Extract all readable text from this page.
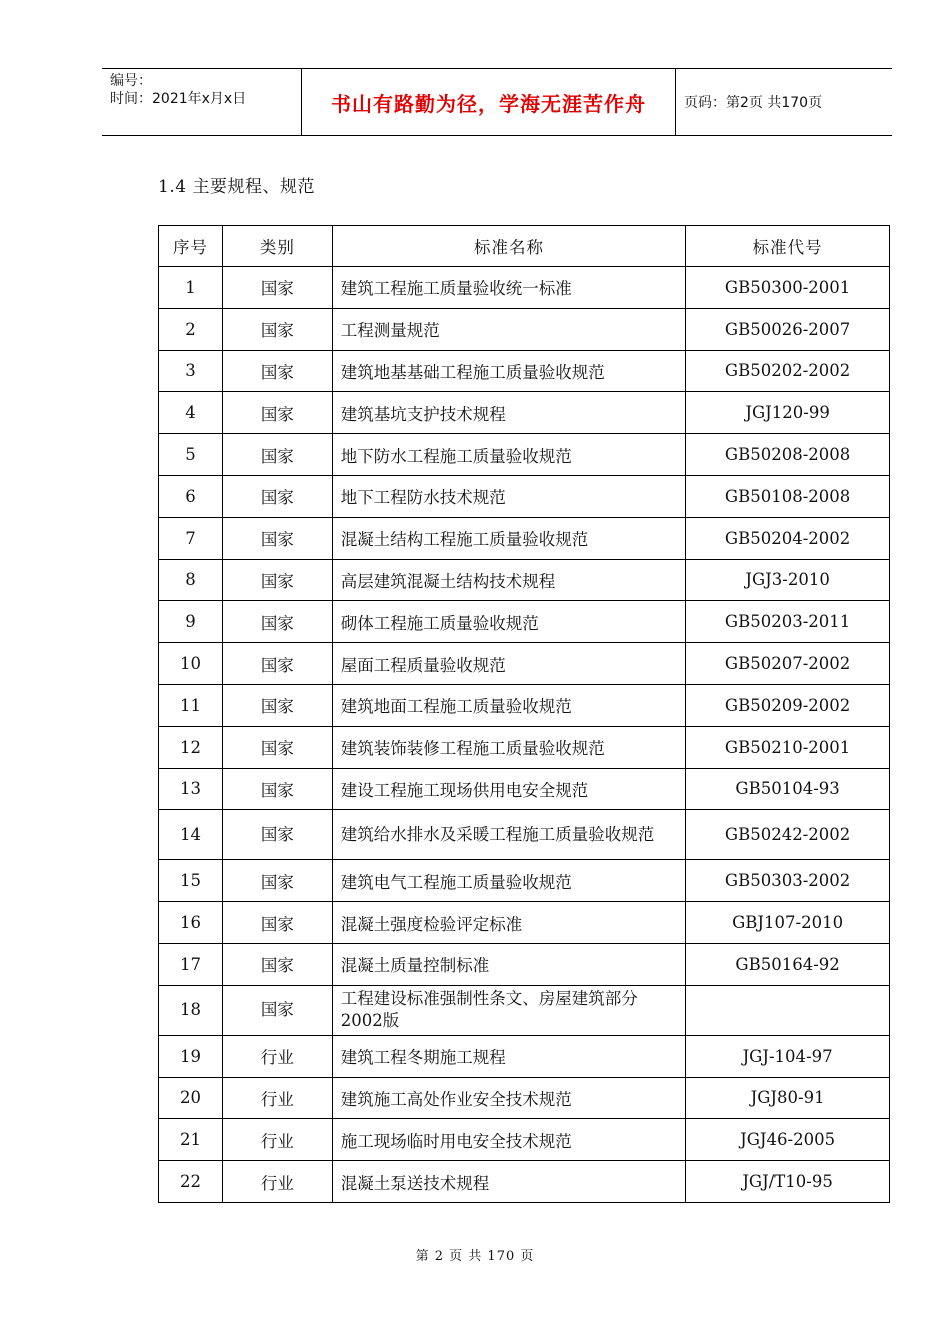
编号：
时间：2021年x月x日	书山有路勤为径，学海无涯苦作舟	页码：第2页 共170页
1.4 主要规程、规范
序号	类别	标准名称	标准代号
1	国家	建筑工程施工质量验收统一标准	GB50300-2001
2	国家	工程测量规范	GB50026-2007
3	国家	建筑地基基础工程施工质量验收规范	GB50202-2002
4	国家	建筑基坑支护技术规程	JGJ120-99
5	国家	地下防水工程施工质量验收规范	GB50208-2008
6	国家	地下工程防水技术规范	GB50108-2008
7	国家	混凝土结构工程施工质量验收规范	GB50204-2002
8	国家	高层建筑混凝土结构技术规程	JGJ3-2010
9	国家	砌体工程施工质量验收规范	GB50203-2011
10	国家	屋面工程质量验收规范	GB50207-2002
11	国家	建筑地面工程施工质量验收规范	GB50209-2002
12	国家	建筑装饰装修工程施工质量验收规范	GB50210-2001
13	国家	建设工程施工现场供用电安全规范	GB50104-93
14	国家	建筑给水排水及采暖工程施工质量验收规范	GB50242-2002
15	国家	建筑电气工程施工质量验收规范	GB50303-2002
16	国家	混凝土强度检验评定标准	GBJ107-2010
17	国家	混凝土质量控制标准	GB50164-92
18	国家	工程建设标准强制性条文、房屋建筑部分2002版	
19	行业	建筑工程冬期施工规程	JGJ-104-97
20	行业	建筑施工高处作业安全技术规范	JGJ80-91
21	行业	施工现场临时用电安全技术规范	JGJ46-2005
22	行业	混凝土泵送技术规程	JGJ/T10-95
第 2 页 共 170 页
